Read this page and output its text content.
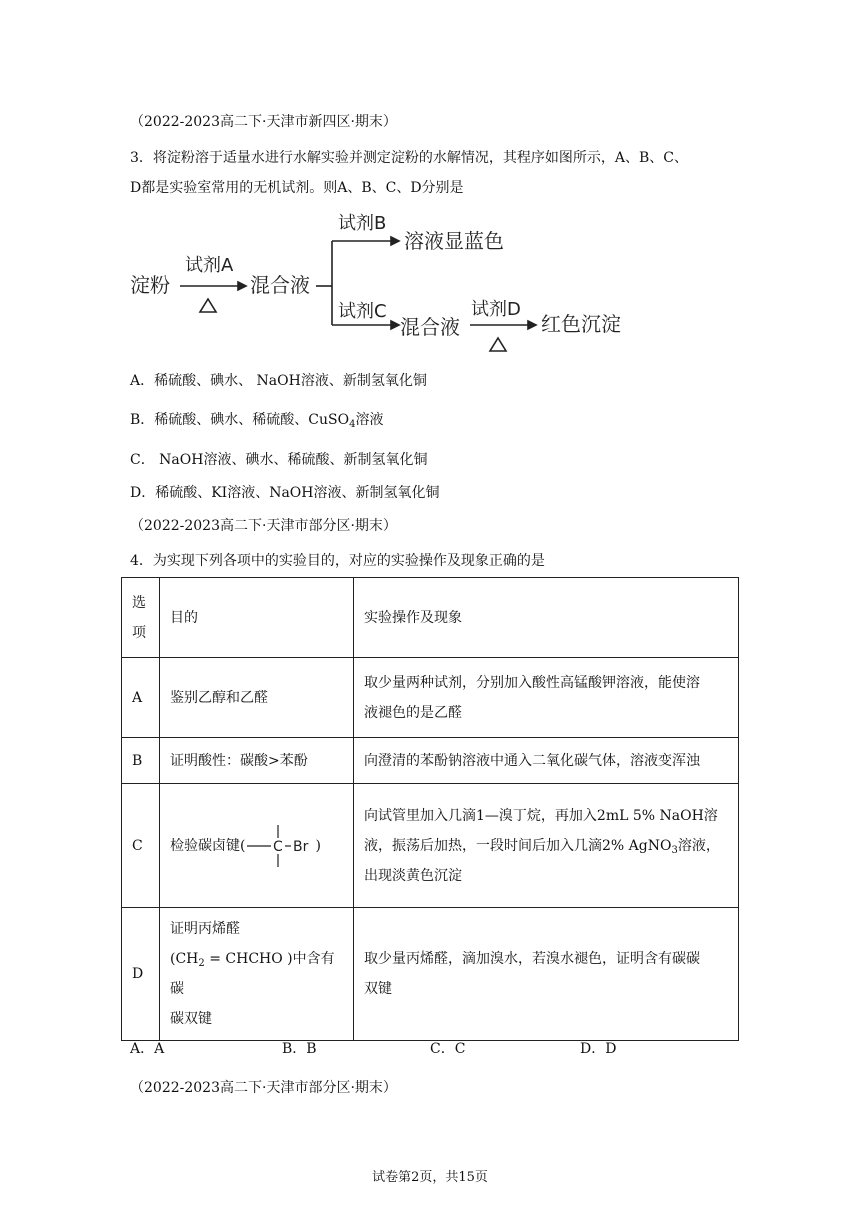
（2022-2023高二下·天津市新四区·期末）
3．将淀粉溶于适量水进行水解实验并测定淀粉的水解情况，其程序如图所示，A、B、C、
D都是实验室常用的无机试剂。则A、B、C、D分别是
淀粉
试剂A
混合液
试剂B
溶液显蓝色
试剂C
混合液
试剂D
红色沉淀
A．稀硫酸、碘水、 NaOH溶液、新制氢氧化铜
B．稀硫酸、碘水、稀硫酸、CuSO$_4$溶液
C． NaOH溶液、碘水、稀硫酸、新制氢氧化铜
D．稀硫酸、KI溶液、NaOH溶液、新制氢氧化铜
（2022-2023高二下·天津市部分区·期末）
4．为实现下列各项中的实验目的，对应的实验操作及现象正确的是
选
项	目的	实验操作及现象
A	鉴别乙醇和乙醛	取少量两种试剂，分别加入酸性高锰酸钾溶液，能使溶
液褪色的是乙醛
B	证明酸性：碳酸>苯酚	向澄清的苯酚钠溶液中通入二氧化碳气体，溶液变浑浊
C	检验碳卤键( C Br )	向试管里加入几滴1—溴丁烷，再加入2mL 5% NaOH溶
液，振荡后加热，一段时间后加入几滴2% AgNO$_3$溶液，
出现淡黄色沉淀
D	证明丙烯醛
($CH_2$ = CHCHO )中含有碳
碳双键	取少量丙烯醛，滴加溴水，若溴水褪色，证明含有碳碳
双键
A．A	B．B	C．C	D．D
（2022-2023高二下·天津市部分区·期末）
试卷第2页，共15页
